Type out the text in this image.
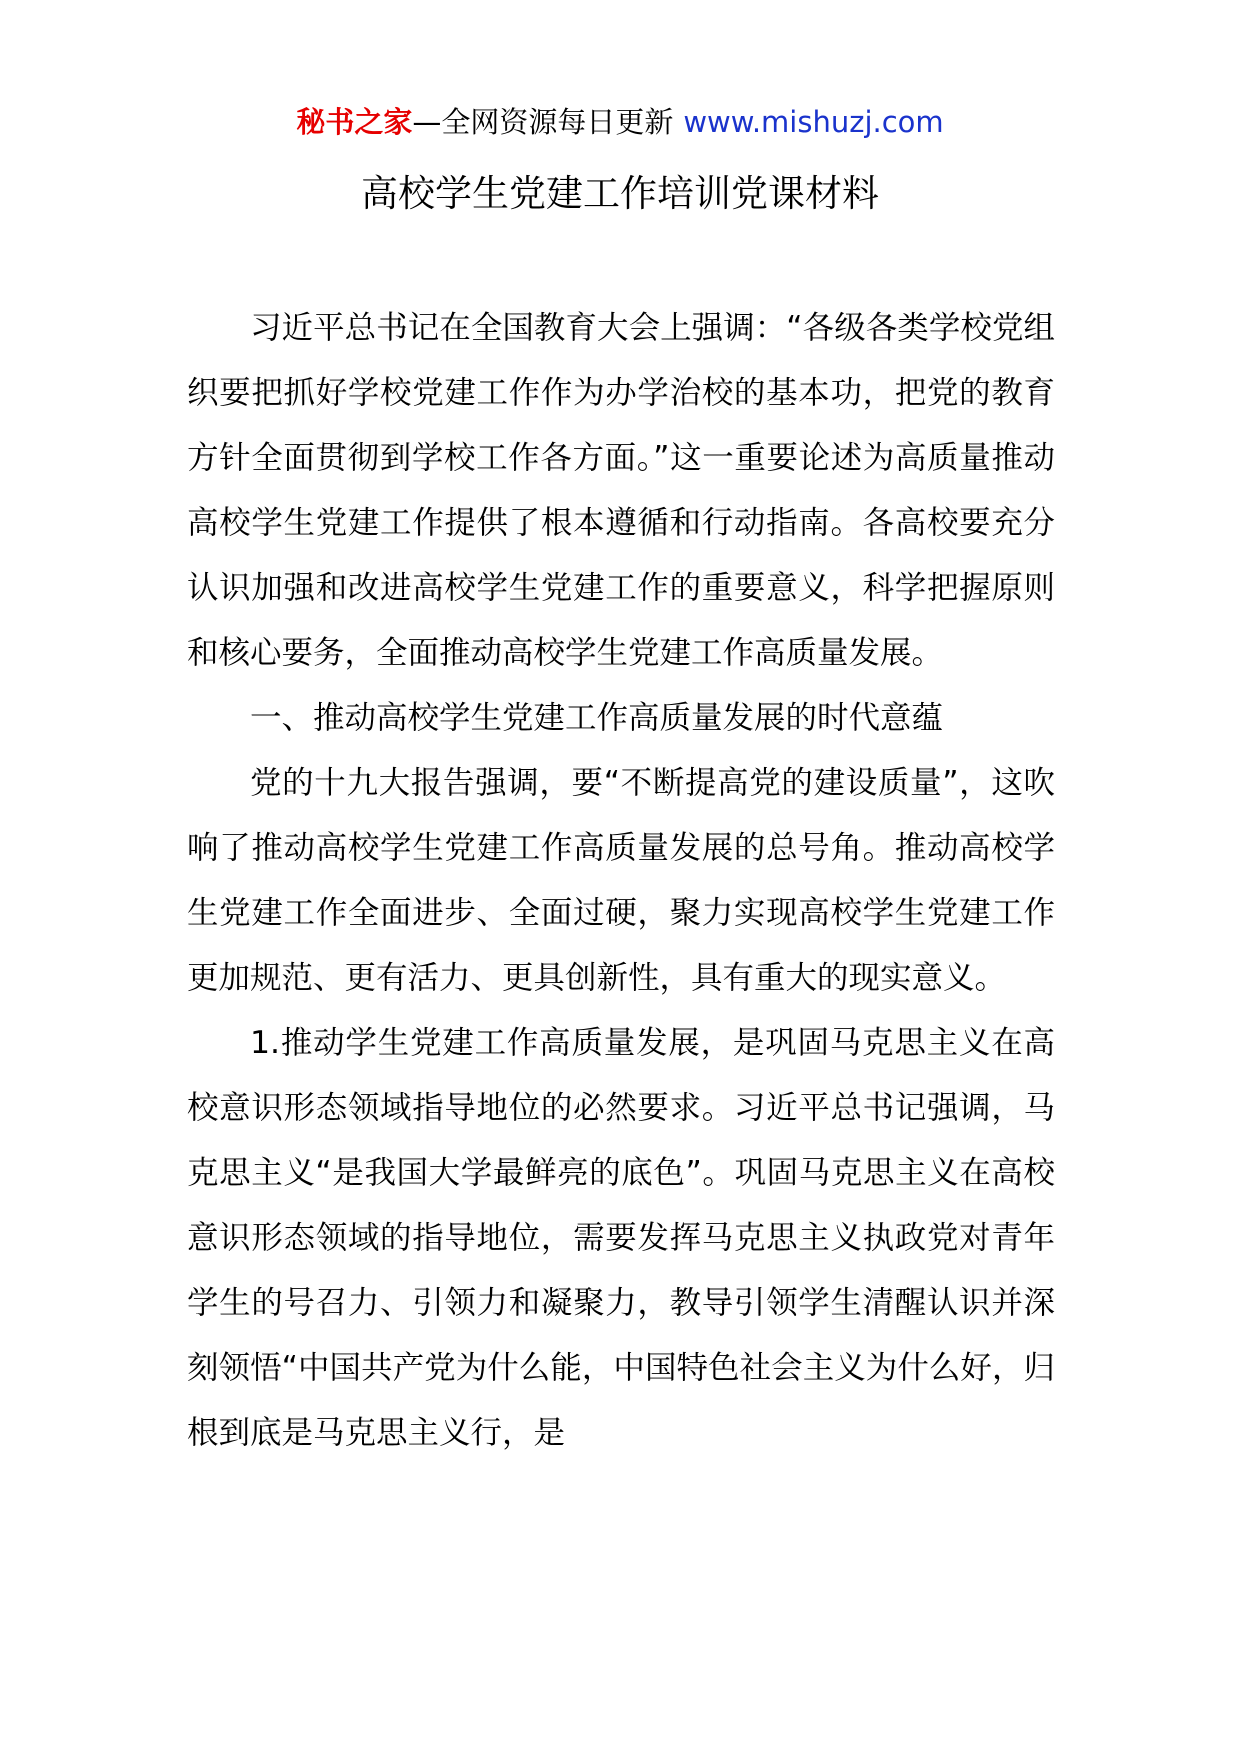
秘书之家—全网资源每日更新 www.mishuzj.com
高校学生党建工作培训党课材料

习近平总书记在全国教育大会上强调：“各级各类学校党组织要把抓好学校党建工作作为办学治校的基本功，把党的教育方针全面贯彻到学校工作各方面。”这一重要论述为高质量推动高校学生党建工作提供了根本遵循和行动指南。各高校要充分认识加强和改进高校学生党建工作的重要意义，科学把握原则和核心要务，全面推动高校学生党建工作高质量发展。

一、推动高校学生党建工作高质量发展的时代意蕴

党的十九大报告强调，要“不断提高党的建设质量”，这吹响了推动高校学生党建工作高质量发展的总号角。推动高校学生党建工作全面进步、全面过硬，聚力实现高校学生党建工作更加规范、更有活力、更具创新性，具有重大的现实意义。

1.推动学生党建工作高质量发展，是巩固马克思主义在高校意识形态领域指导地位的必然要求。习近平总书记强调，马克思主义“是我国大学最鲜亮的底色”。巩固马克思主义在高校意识形态领域的指导地位，需要发挥马克思主义执政党对青年学生的号召力、引领力和凝聚力，教导引领学生清醒认识并深刻领悟“中国共产党为什么能，中国特色社会主义为什么好，归根到底是马克思主义行，是
